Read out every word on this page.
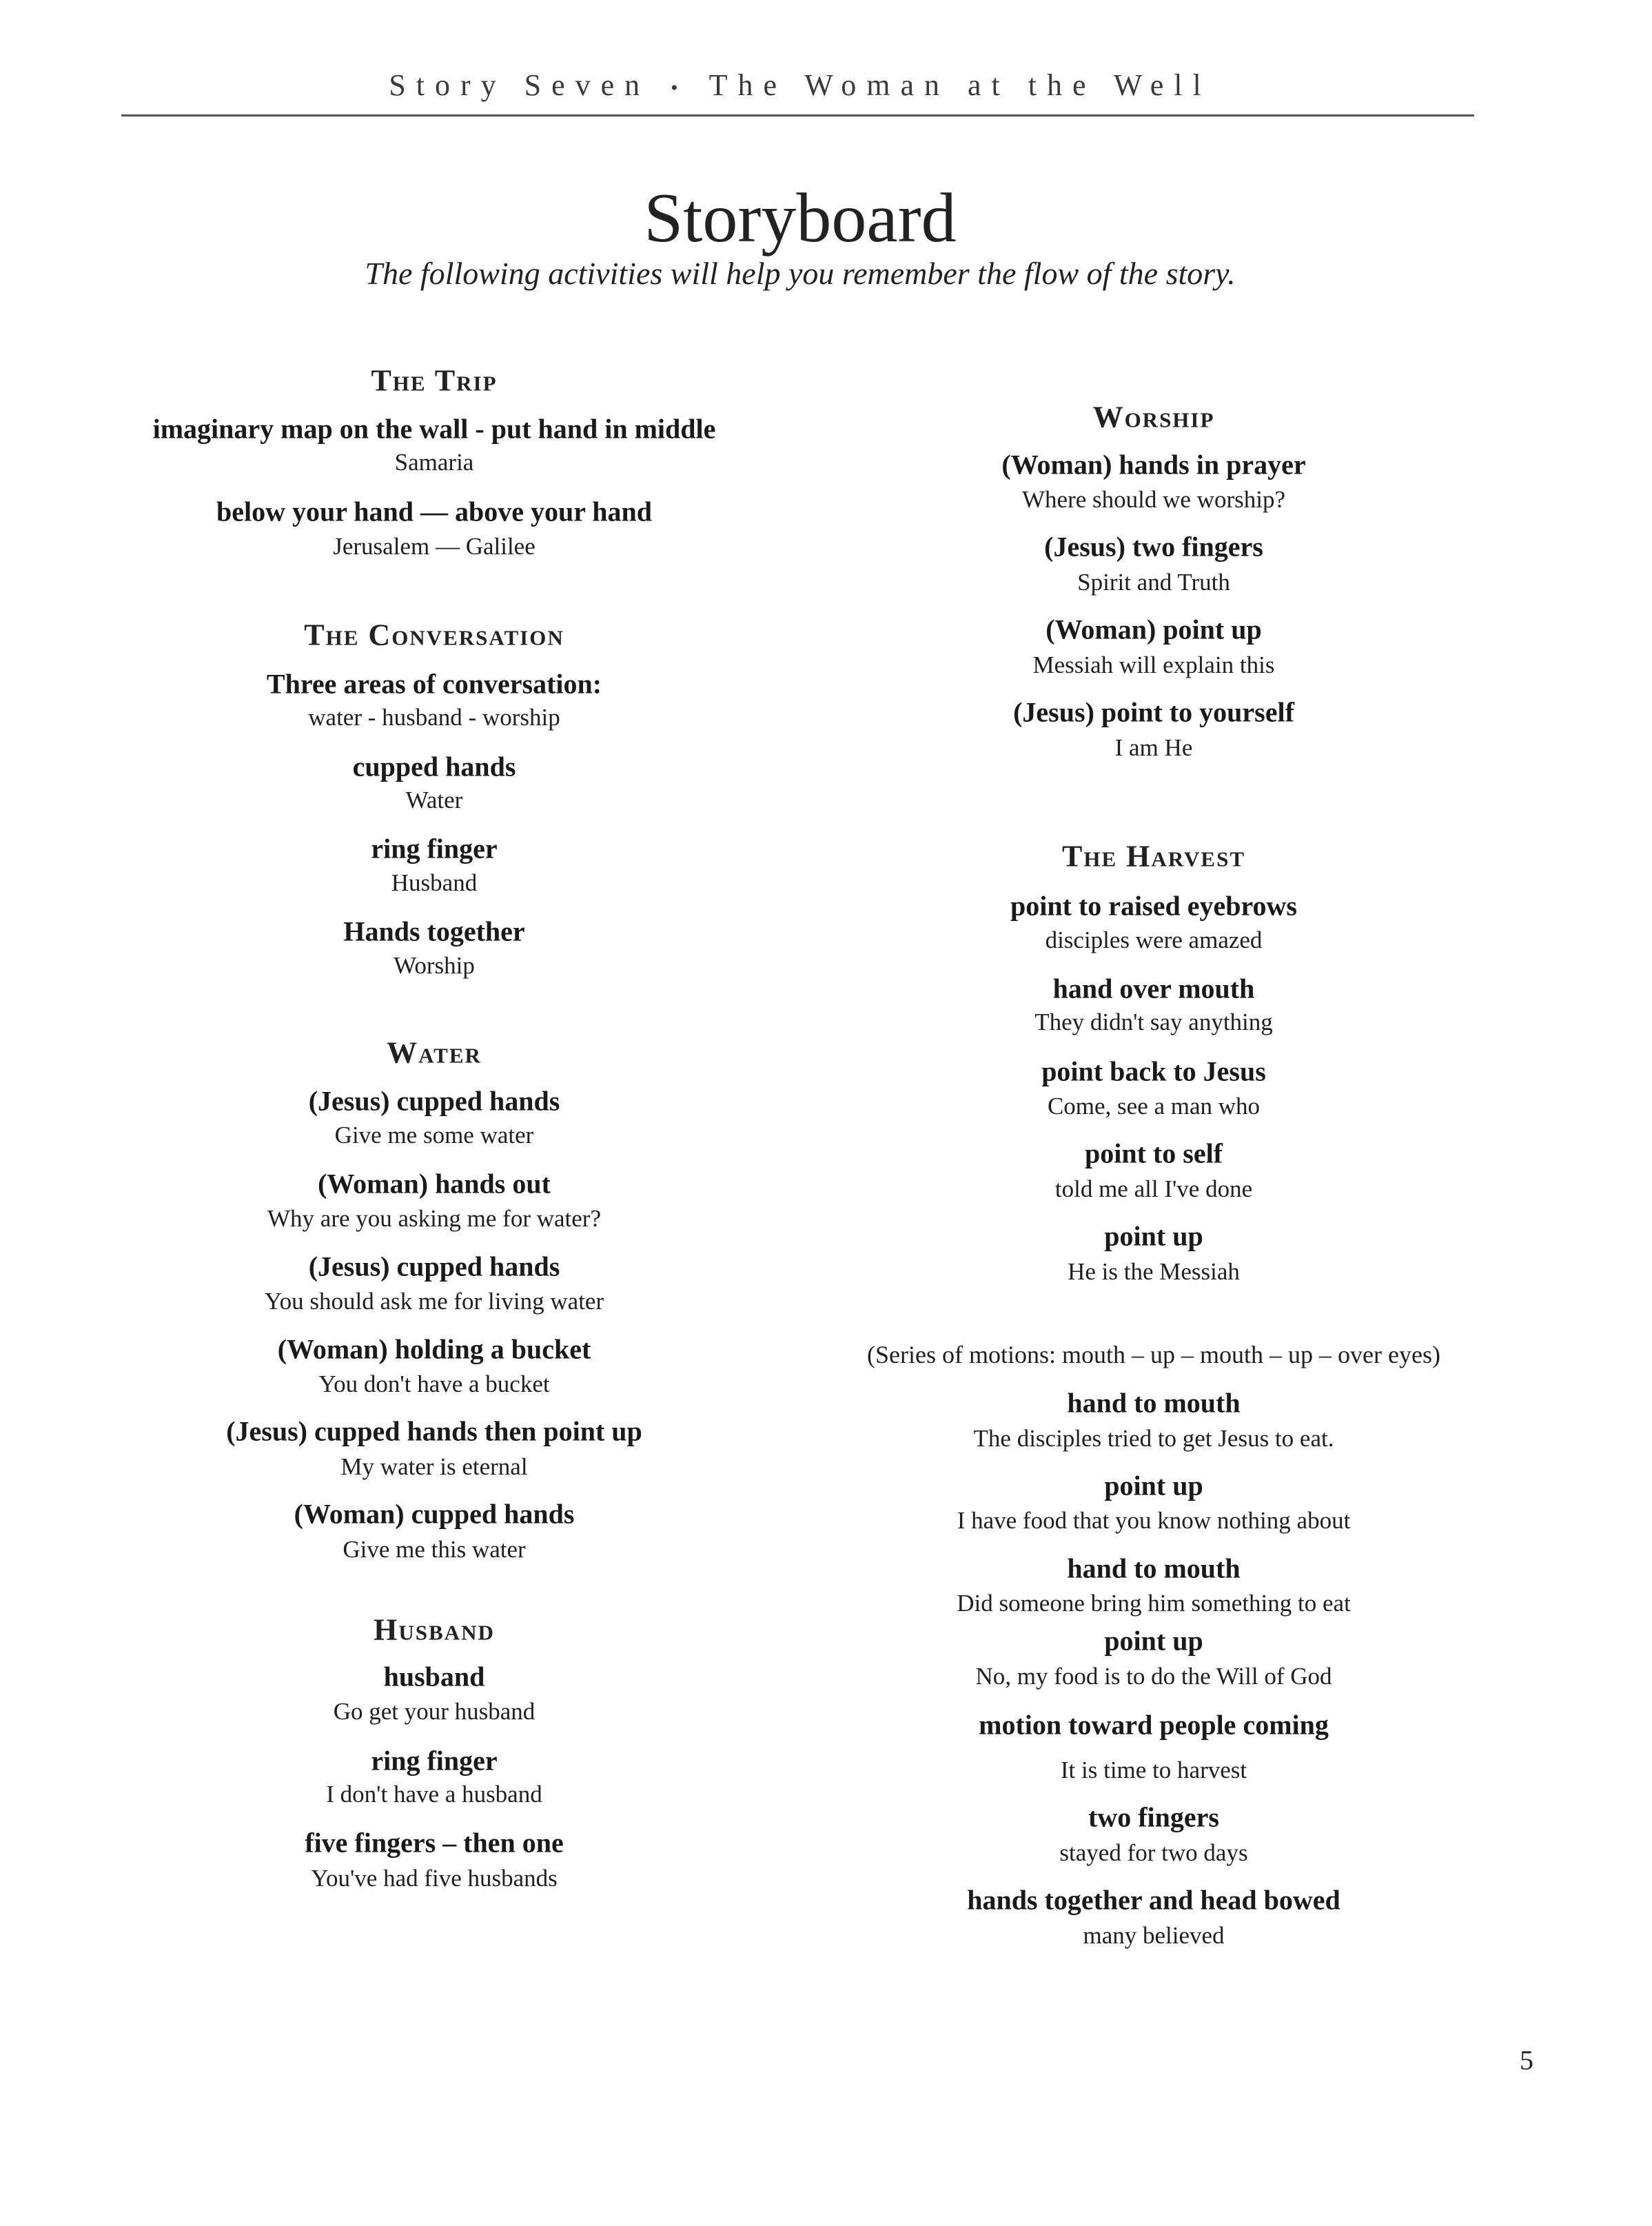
Story Seven • The Woman at the Well
Storyboard
The following activities will help you remember the flow of the story.
The Trip
imaginary map on the wall - put hand in middle
Samaria
below your hand — above your hand
Jerusalem — Galilee
The Conversation
Three areas of conversation:
water - husband - worship
cupped hands
Water
ring finger
Husband
Hands together
Worship
Water
(Jesus) cupped hands
Give me some water
(Woman) hands out
Why are you asking me for water?
(Jesus) cupped hands
You should ask me for living water
(Woman) holding a bucket
You don't have a bucket
(Jesus) cupped hands then point up
My water is eternal
(Woman) cupped hands
Give me this water
Husband
husband
Go get your husband
ring finger
I don't have a husband
five fingers – then one
You've had five husbands
Worship
(Woman) hands in prayer
Where should we worship?
(Jesus) two fingers
Spirit and Truth
(Woman) point up
Messiah will explain this
(Jesus) point to yourself
I am He
The Harvest
point to raised eyebrows
disciples were amazed
hand over mouth
They didn't say anything
point back to Jesus
Come, see a man who
point to self
told me all I've done
point up
He is the Messiah
(Series of motions: mouth – up – mouth – up – over eyes)
hand to mouth
The disciples tried to get Jesus to eat.
point up
I have food that you know nothing about
hand to mouth
Did someone bring him something to eat
point up
No, my food is to do the Will of God
motion toward people coming
It is time to harvest
two fingers
stayed for two days
hands together and head bowed
many believed
5
